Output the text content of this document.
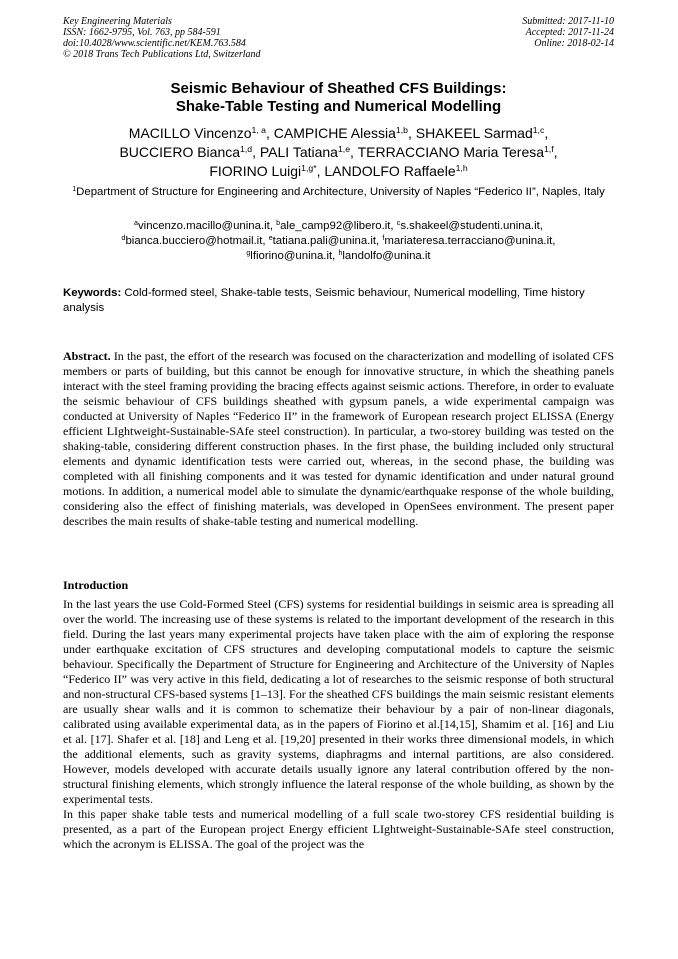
Key Engineering Materials
ISSN: 1662-9795, Vol. 763, pp 584-591
doi:10.4028/www.scientific.net/KEM.763.584
© 2018 Trans Tech Publications Ltd, Switzerland
Submitted: 2017-11-10
Accepted: 2017-11-24
Online: 2018-02-14
Seismic Behaviour of Sheathed CFS Buildings:
Shake-Table Testing and Numerical Modelling
MACILLO Vincenzo$^{1, a}$, CAMPICHE Alessia$^{1,b}$, SHAKEEL Sarmad$^{1,c}$,
BUCCIERO Bianca$^{1,d}$, PALI Tatiana$^{1,e}$, TERRACCIANO Maria Teresa$^{1,f}$,
FIORINO Luigi$^{1,g*}$, LANDOLFO Raffaele$^{1,h}$
$^1$Department of Structure for Engineering and Architecture, University of Naples “Federico II”, Naples, Italy
$^a$vincenzo.macillo@unina.it, $^b$ale_camp92@libero.it, $^c$s.shakeel@studenti.unina.it,
$^d$bianca.bucciero@hotmail.it, $^e$tatiana.pali@unina.it, $^f$mariateresa.terracciano@unina.it,
$^g$lfiorino@unina.it, $^h$landolfo@unina.it
Keywords: Cold-formed steel, Shake-table tests, Seismic behaviour, Numerical modelling, Time history analysis
Abstract. In the past, the effort of the research was focused on the characterization and modelling of isolated CFS members or parts of building, but this cannot be enough for innovative structure, in which the sheathing panels interact with the steel framing providing the bracing effects against seismic actions. Therefore, in order to evaluate the seismic behaviour of CFS buildings sheathed with gypsum panels, a wide experimental campaign was conducted at University of Naples “Federico II” in the framework of European research project ELISSA (Energy efficient LIghtweight-Sustainable-SAfe steel construction). In particular, a two-storey building was tested on the shaking-table, considering different construction phases. In the first phase, the building included only structural elements and dynamic identification tests were carried out, whereas, in the second phase, the building was completed with all finishing components and it was tested for dynamic identification and under natural ground motions. In addition, a numerical model able to simulate the dynamic/earthquake response of the whole building, considering also the effect of finishing materials, was developed in OpenSees environment. The present paper describes the main results of shake-table testing and numerical modelling.
Introduction

In the last years the use Cold-Formed Steel (CFS) systems for residential buildings in seismic area is spreading all over the world. The increasing use of these systems is related to the important development of the research in this field. During the last years many experimental projects have taken place with the aim of exploring the response under earthquake excitation of CFS structures and developing computational models to capture the seismic behaviour. Specifically the Department of Structure for Engineering and Architecture of the University of Naples “Federico II” was very active in this field, dedicating a lot of researches to the seismic response of both structural and non-structural CFS-based systems [1–13]. For the sheathed CFS buildings the main seismic resistant elements are usually shear walls and it is common to schematize their behaviour by a pair of non-linear diagonals, calibrated using available experimental data, as in the papers of Fiorino et al.[14,15], Shamim et al. [16] and Liu et al. [17]. Shafer et al. [18] and Leng et al. [19,20] presented in their works three dimensional models, in which the additional elements, such as gravity systems, diaphragms and internal partitions, are also considered. However, models developed with accurate details usually ignore any lateral contribution offered by the non-structural finishing elements, which strongly influence the lateral response of the whole building, as shown by the experimental tests.

In this paper shake table tests and numerical modelling of a full scale two-storey CFS residential building is presented, as a part of the European project Energy efficient LIghtweight-Sustainable-SAfe steel construction, which the acronym is ELISSA. The goal of the project was the
